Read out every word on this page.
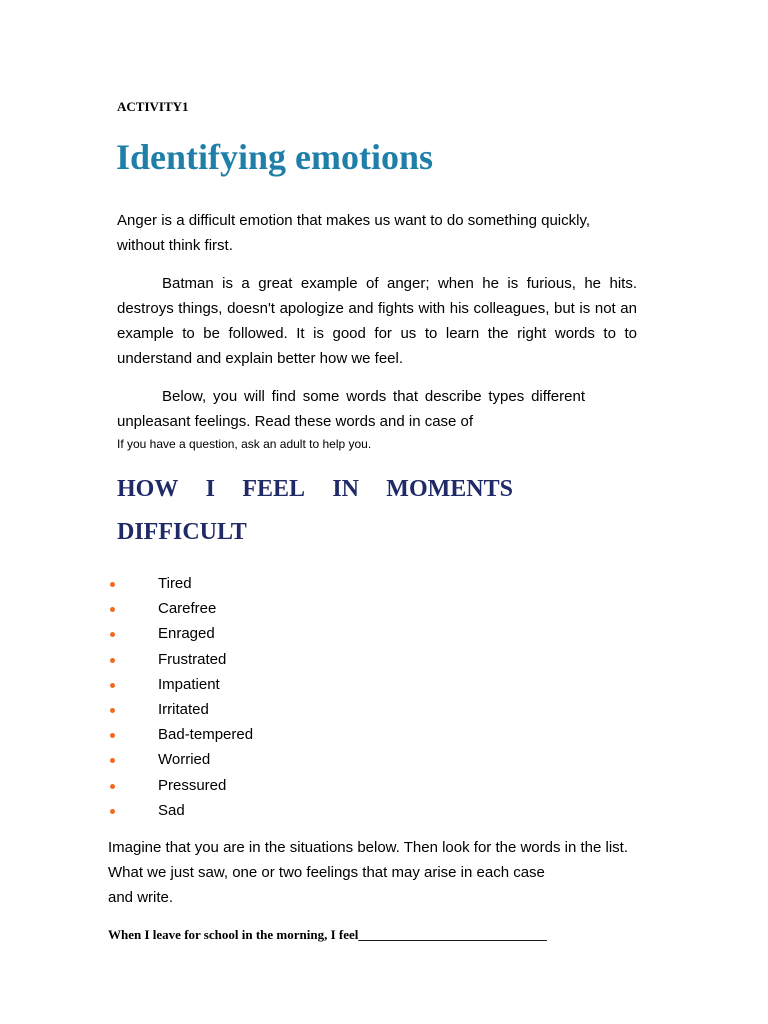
ACTIVITY1
Identifying emotions

Anger is a difficult emotion that makes us want to do something quickly, without think first.

Batman is a great example of anger; when he is furious, he hits. destroys things, doesn't apologize and fights with his colleagues, but is not an example to be followed. It is good for us to learn the right words to to understand and explain better how we feel.

Below, you will find some words that describe types different unpleasant feelings. Read these words and in case of

If you have a question, ask an adult to help you.

HOW I FEEL IN MOMENTS
DIFFICULT
Tired
Carefree
Enraged
Frustrated
Impatient
Irritated
Bad-tempered
Worried
Pressured
Sad
Imagine that you are in the situations below. Then look for the words in the list.
What we just saw, one or two feelings that may arise in each case
and write.
When I leave for school in the morning, I feel_____________________________
